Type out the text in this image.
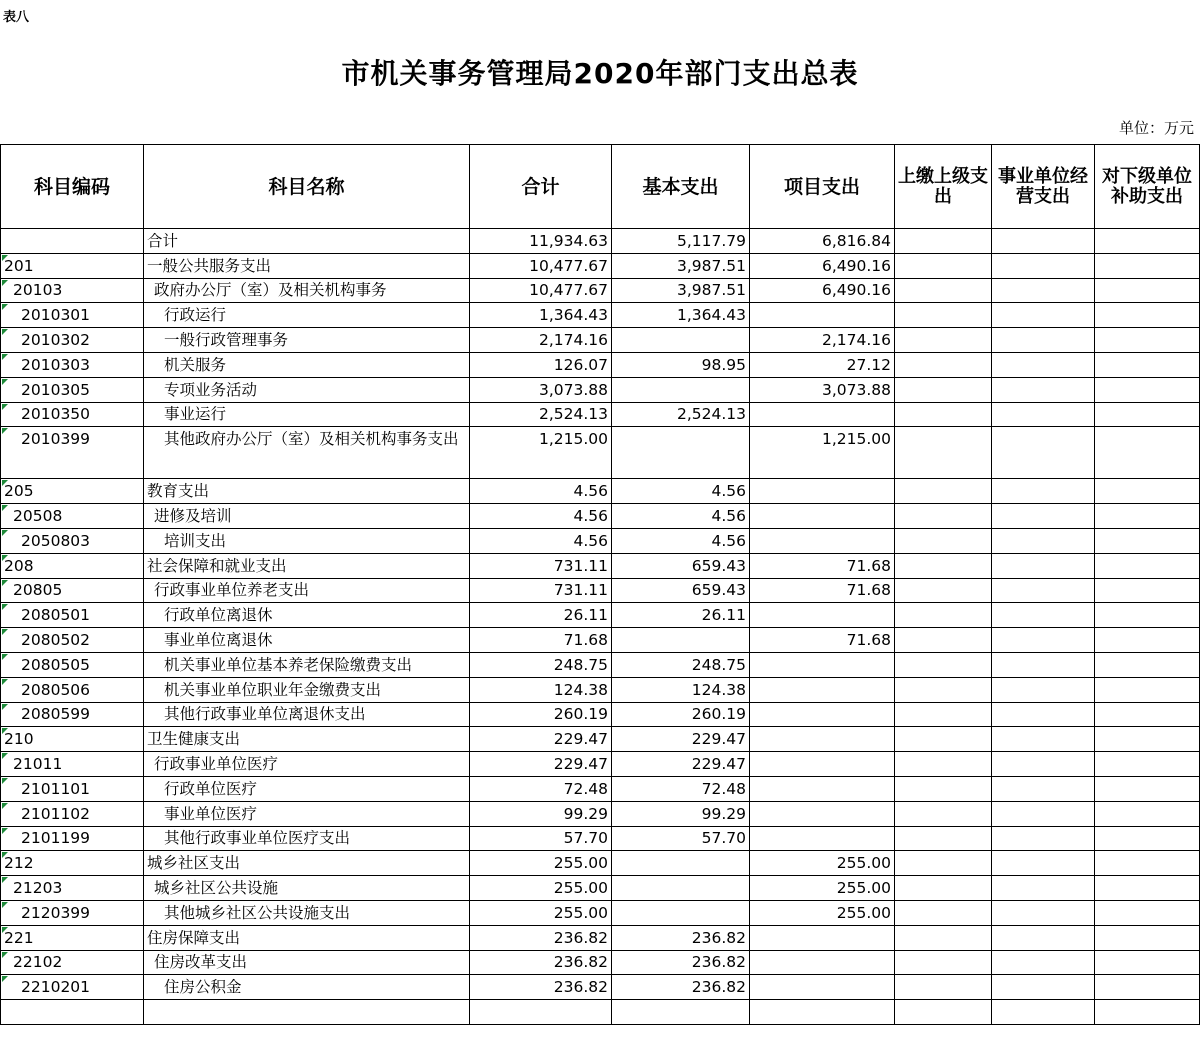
表八
市机关事务管理局2020年部门支出总表
单位：万元
科目编码	科目名称	合计	基本支出	项目支出	上缴上级支出	事业单位经营支出	对下级单位补助支出
	合计	11,934.63	5,117.79	6,816.84			
201	一般公共服务支出	10,477.67	3,987.51	6,490.16			
20103	政府办公厅（室）及相关机构事务	10,477.67	3,987.51	6,490.16			
2010301	行政运行	1,364.43	1,364.43				
2010302	一般行政管理事务	2,174.16		2,174.16			
2010303	机关服务	126.07	98.95	27.12			
2010305	专项业务活动	3,073.88		3,073.88			
2010350	事业运行	2,524.13	2,524.13				
2010399	其他政府办公厅（室）及相关机构事务支出	1,215.00		1,215.00			
205	教育支出	4.56	4.56				
20508	进修及培训	4.56	4.56				
2050803	培训支出	4.56	4.56				
208	社会保障和就业支出	731.11	659.43	71.68			
20805	行政事业单位养老支出	731.11	659.43	71.68			
2080501	行政单位离退休	26.11	26.11				
2080502	事业单位离退休	71.68		71.68			
2080505	机关事业单位基本养老保险缴费支出	248.75	248.75				
2080506	机关事业单位职业年金缴费支出	124.38	124.38				
2080599	其他行政事业单位离退休支出	260.19	260.19				
210	卫生健康支出	229.47	229.47				
21011	行政事业单位医疗	229.47	229.47				
2101101	行政单位医疗	72.48	72.48				
2101102	事业单位医疗	99.29	99.29				
2101199	其他行政事业单位医疗支出	57.70	57.70				
212	城乡社区支出	255.00		255.00			
21203	城乡社区公共设施	255.00		255.00			
2120399	其他城乡社区公共设施支出	255.00		255.00			
221	住房保障支出	236.82	236.82				
22102	住房改革支出	236.82	236.82				
2210201	住房公积金	236.82	236.82				
